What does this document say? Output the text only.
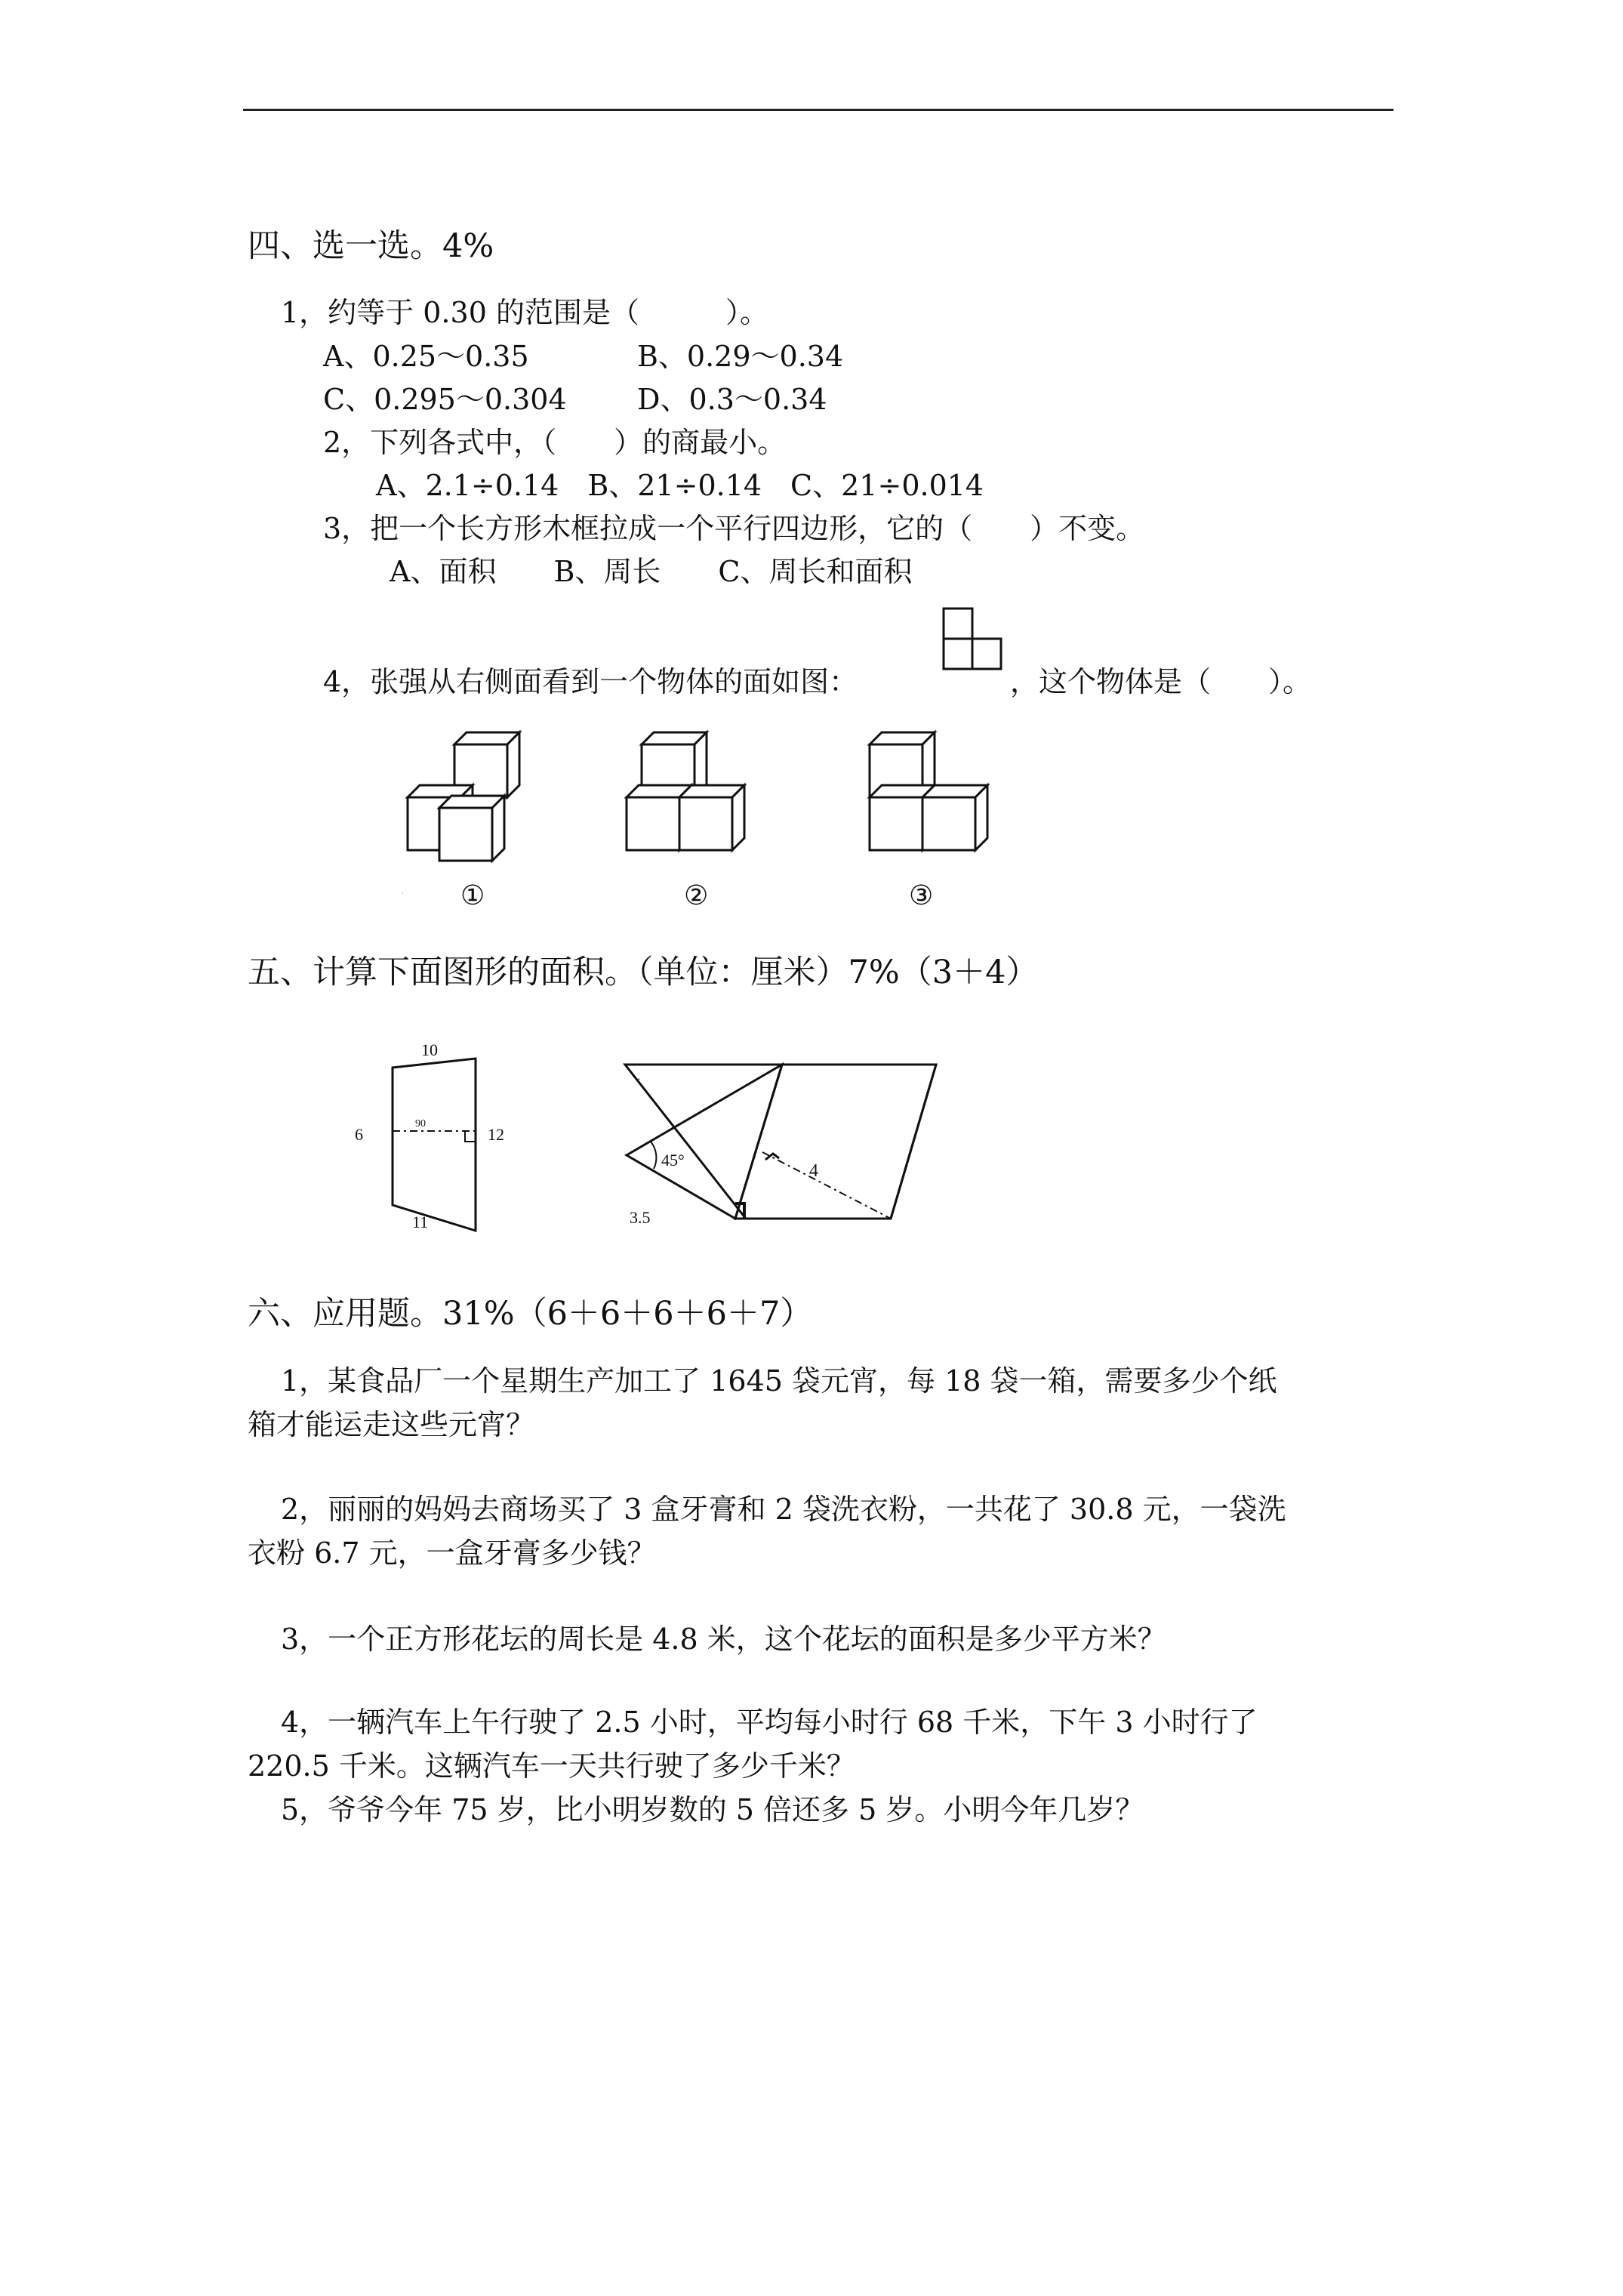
四、选一选。4%
1，约等于 0.30 的范围是（　　　）。
A、0.25～0.35	B、0.29～0.34
C、0.295～0.304 D、0.3～0.34
2，下列各式中，（　　）的商最小。
A、2.1÷0.14　B、21÷0.14　C、21÷0.014
3，把一个长方形木框拉成一个平行四边形，它的（　　）不变。
A、面积　　B、周长　　C、周长和面积
4，张强从右侧面看到一个物体的面如图：	，这个物体是（　　）。
· ①	②	③
五、计算下面图形的面积。（单位：厘米）7%（3＋4）
10
6	12
90
11
45°
4
3.5
·
六、应用题。31%（6＋6＋6＋6＋7）
1，某食品厂一个星期生产加工了 1645 袋元宵，每 18 袋一箱，需要多少个纸
箱才能运走这些元宵？
2，丽丽的妈妈去商场买了 3 盒牙膏和 2 袋洗衣粉，一共花了 30.8 元，一袋洗
衣粉 6.7 元，一盒牙膏多少钱？
3，一个正方形花坛的周长是 4.8 米，这个花坛的面积是多少平方米？
4，一辆汽车上午行驶了 2.5 小时，平均每小时行 68 千米，下午 3 小时行了
220.5 千米。这辆汽车一天共行驶了多少千米？
5，爷爷今年 75 岁，比小明岁数的 5 倍还多 5 岁。小明今年几岁？
